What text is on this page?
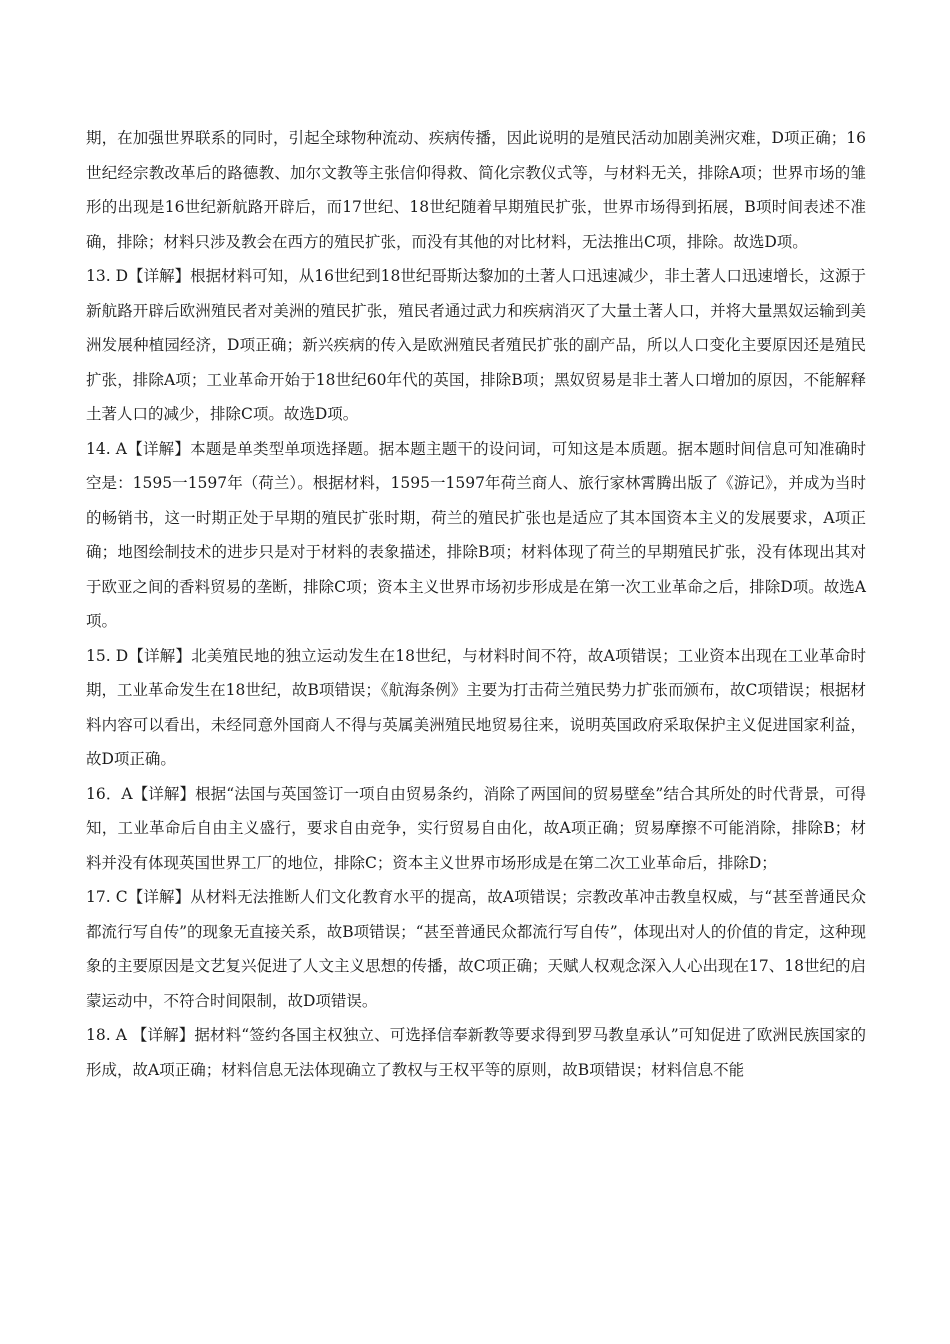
期，在加强世界联系的同时，引起全球物种流动、疾病传播，因此说明的是殖民活动加剧美洲灾难，D项正确；16世纪经宗教改革后的路德教、加尔文教等主张信仰得救、简化宗教仪式等，与材料无关，排除A项；世界市场的雏形的出现是16世纪新航路开辟后，而17世纪、18世纪随着早期殖民扩张，世界市场得到拓展，B项时间表述不准确，排除；材料只涉及教会在西方的殖民扩张，而没有其他的对比材料，无法推出C项，排除。故选D项。

13. D【详解】根据材料可知，从16世纪到18世纪哥斯达黎加的土著人口迅速减少，非土著人口迅速增长，这源于新航路开辟后欧洲殖民者对美洲的殖民扩张，殖民者通过武力和疾病消灭了大量土著人口，并将大量黑奴运输到美洲发展种植园经济，D项正确；新兴疾病的传入是欧洲殖民者殖民扩张的副产品，所以人口变化主要原因还是殖民扩张，排除A项；工业革命开始于18世纪60年代的英国，排除B项；黑奴贸易是非土著人口增加的原因，不能解释土著人口的减少，排除C项。故选D项。

14. A【详解】本题是单类型单项选择题。据本题主题干的设问词，可知这是本质题。据本题时间信息可知准确时空是：1595一1597年（荷兰）。根据材料，1595一1597年荷兰商人、旅行家林霄腾出版了《游记》，并成为当时的畅销书，这一时期正处于早期的殖民扩张时期，荷兰的殖民扩张也是适应了其本国资本主义的发展要求，A项正确；地图绘制技术的进步只是对于材料的表象描述，排除B项；材料体现了荷兰的早期殖民扩张，没有体现出其对于欧亚之间的香料贸易的垄断，排除C项；资本主义世界市场初步形成是在第一次工业革命之后，排除D项。故选A项。

15. D【详解】北美殖民地的独立运动发生在18世纪，与材料时间不符，故A项错误；工业资本出现在工业革命时期，工业革命发生在18世纪，故B项错误；《航海条例》主要为打击荷兰殖民势力扩张而颁布，故C项错误；根据材料内容可以看出，未经同意外国商人不得与英属美洲殖民地贸易往来，说明英国政府采取保护主义促进国家利益，故D项正确。

16．A【详解】根据“法国与英国签订一项自由贸易条约，消除了两国间的贸易壁垒”结合其所处的时代背景，可得知，工业革命后自由主义盛行，要求自由竞争，实行贸易自由化，故A项正确；贸易摩擦不可能消除，排除B；材料并没有体现英国世界工厂的地位，排除C；资本主义世界市场形成是在第二次工业革命后，排除D；

17. C【详解】从材料无法推断人们文化教育水平的提高，故A项错误；宗教改革冲击教皇权威，与“甚至普通民众都流行写自传”的现象无直接关系，故B项错误；“甚至普通民众都流行写自传”，体现出对人的价值的肯定，这种现象的主要原因是文艺复兴促进了人文主义思想的传播，故C项正确；天赋人权观念深入人心出现在17、18世纪的启蒙运动中，不符合时间限制，故D项错误。

18. A 【详解】据材料“签约各国主权独立、可选择信奉新教等要求得到罗马教皇承认”可知促进了欧洲民族国家的形成，故A项正确；材料信息无法体现确立了教权与王权平等的原则，故B项错误；材料信息不能
